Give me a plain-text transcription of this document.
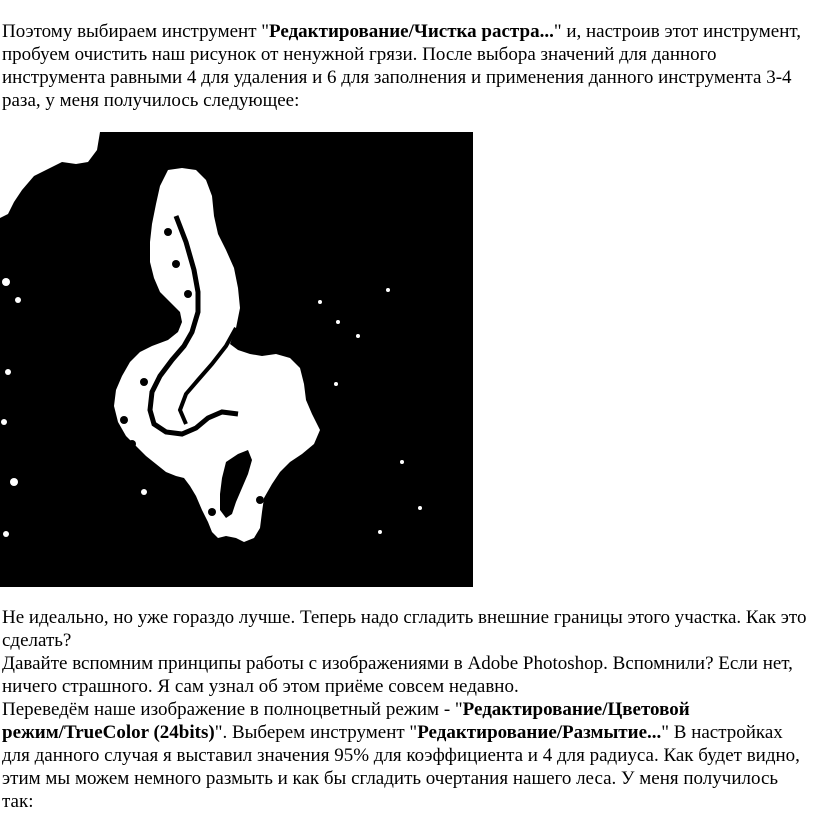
Поэтому выбираем инструмент "Редактирование/Чистка растра..." и, настроив этот инструмент, пробуем очистить наш рисунок от ненужной грязи. После выбора значений для данного инструмента равными 4 для удаления и 6 для заполнения и применения данного инструмента 3-4 раза, у меня получилось следующее:

Не идеально, но уже гораздо лучше. Теперь надо сгладить внешние границы этого участка. Как это сделать?

Давайте вспомним принципы работы с изображениями в Adobe Photoshop. Вспомнили? Если нет, ничего страшного. Я сам узнал об этом приёме совсем недавно.

Переведём наше изображение в полноцветный режим - "Редактирование/Цветовой режим/TrueColor (24bits)". Выберем инструмент "Редактирование/Размытие..." В настройках для данного случая я выставил значения 95% для коэффициента и 4 для радиуса. Как будет видно, этим мы можем немного размыть и как бы сгладить очертания нашего леса. У меня получилось так:
